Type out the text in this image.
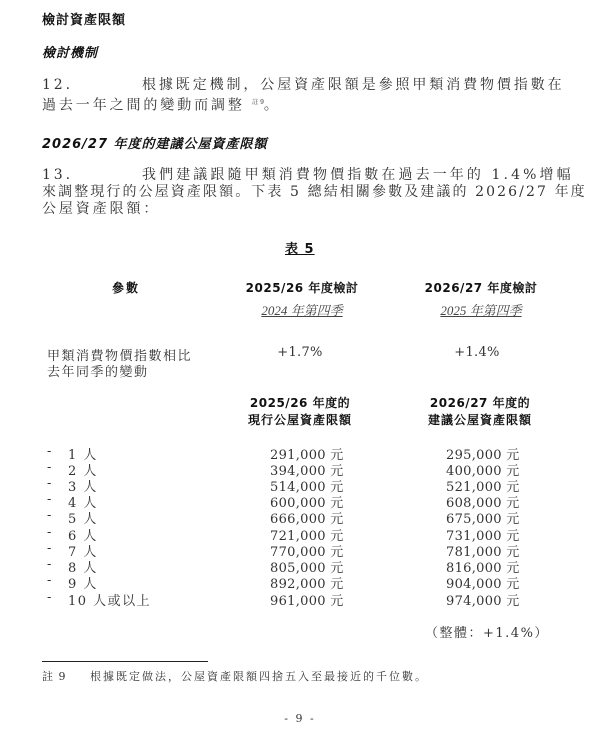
檢討資產限額
檢討機制
12.	根據既定機制，公屋資產限額是參照甲類消費物價指數在
過去一年之間的變動而調整 $^{註 9}$。
2026/27 年度的建議公屋資產限額
13.	我們建議跟隨甲類消費物價指數在過去一年的 1.4%增幅
來調整現行的公屋資產限額。下表 5 總結相關參數及建議的 2026/27 年度
公屋資產限額：
表 5
參數	2025/26 年度檢討	2026/27 年度檢討
2024 年第四季	2025 年第四季
甲類消費物價指數相比
去年同季的變動
+1.7%	+1.4%
2025/26 年度的
現行公屋資產限額
2026/27 年度的
建議公屋資產限額
- 1 人	291,000 元	295,000 元
- 2 人	394,000 元	400,000 元
- 3 人	514,000 元	521,000 元
- 4 人	600,000 元	608,000 元
- 5 人	666,000 元	675,000 元
- 6 人	721,000 元	731,000 元
- 7 人	770,000 元	781,000 元
- 8 人	805,000 元	816,000 元
- 9 人	892,000 元	904,000 元
- 10 人或以上	961,000 元	974,000 元
（整體：+1.4%）
註 9 根據既定做法，公屋資產限額四捨五入至最接近的千位數。
- 9 -
